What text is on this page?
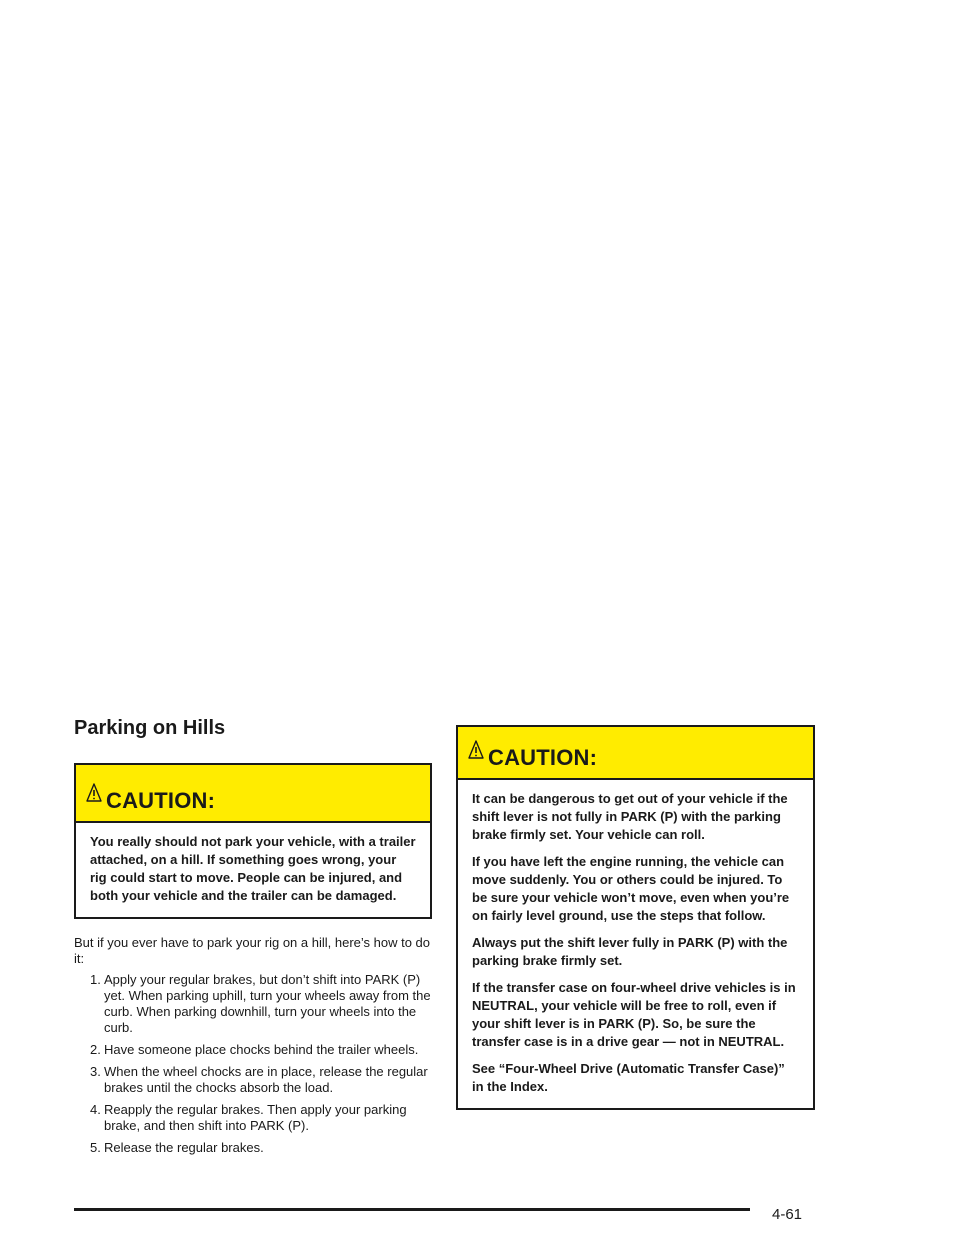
Parking on Hills
CAUTION:

You really should not park your vehicle, with a trailer attached, on a hill. If something goes wrong, your rig could start to move. People can be injured, and both your vehicle and the trailer can be damaged.

But if you ever have to park your rig on a hill, here’s how to do it:

1. Apply your regular brakes, but don’t shift into PARK (P) yet. When parking uphill, turn your wheels away from the curb. When parking downhill, turn your wheels into the curb.
2. Have someone place chocks behind the trailer wheels.
3. When the wheel chocks are in place, release the regular brakes until the chocks absorb the load.
4. Reapply the regular brakes. Then apply your parking brake, and then shift into PARK (P).
5. Release the regular brakes.
CAUTION:

It can be dangerous to get out of your vehicle if the shift lever is not fully in PARK (P) with the parking brake firmly set. Your vehicle can roll.

If you have left the engine running, the vehicle can move suddenly. You or others could be injured. To be sure your vehicle won’t move, even when you’re on fairly level ground, use the steps that follow.

Always put the shift lever fully in PARK (P) with the parking brake firmly set.

If the transfer case on four-wheel drive vehicles is in NEUTRAL, your vehicle will be free to roll, even if your shift lever is in PARK (P). So, be sure the transfer case is in a drive gear — not in NEUTRAL.

See “Four-Wheel Drive (Automatic Transfer Case)” in the Index.

4-61
